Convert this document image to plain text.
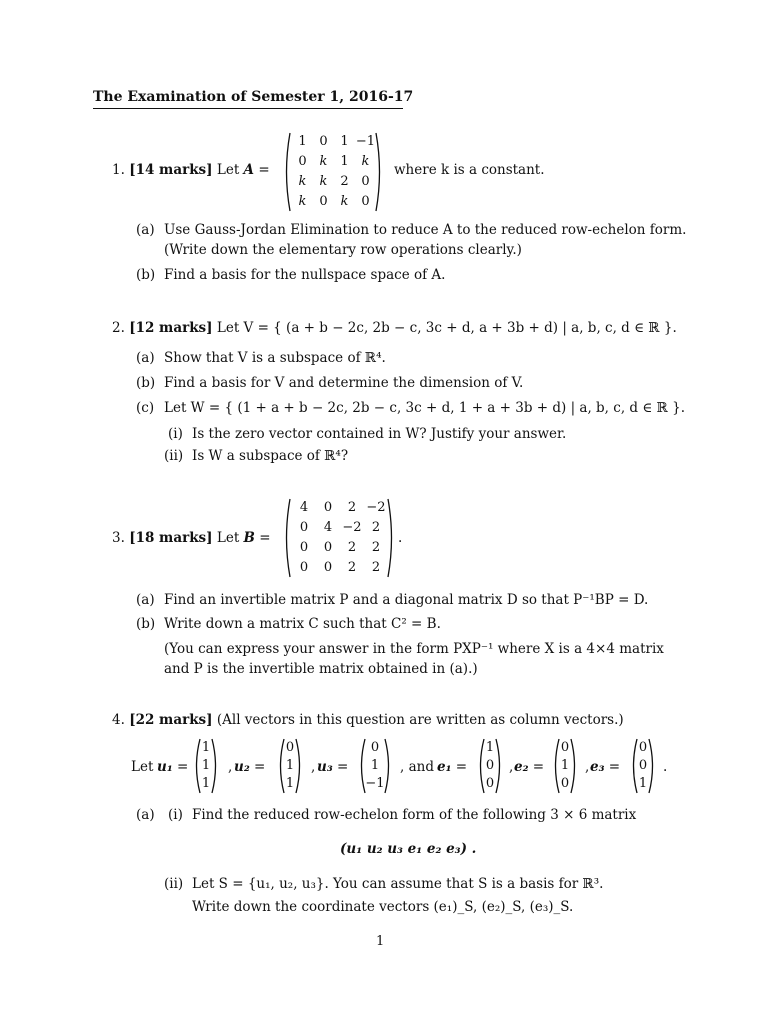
The Examination of Semester 1, 2016-17
1. [14 marks] Let A =
1 0 1 −1
0 k 1 k
k	k 2 0
k 0 k 0
where k is a constant.
(a) Use Gauss-Jordan Elimination to reduce A to the reduced row-echelon form.
(Write down the elementary row operations clearly.)
(b) Find a basis for the nullspace space of A.
2. [12 marks] Let V = { (a + b − 2c, 2b − c, 3c + d, a + 3b + d) | a, b, c, d ∈ ℝ }.
(a) Show that V is a subspace of ℝ⁴.
(b) Find a basis for V and determine the dimension of V.
(c) Let W = { (1 + a + b − 2c, 2b − c, 3c + d, 1 + a + 3b + d) | a, b, c, d ∈ ℝ }.
(i) Is the zero vector contained in W? Justify your answer.
(ii) Is W a subspace of ℝ⁴?
3. [18 marks] Let B =
4	0	2 −2
0	4 −2 2
0	0	2	2
0	0	2	2
.
(a) Find an invertible matrix P and a diagonal matrix D so that P⁻¹BP = D.
(b) Write down a matrix C such that C² = B.
(You can express your answer in the form PXP⁻¹ where X is a 4×4 matrix
and P is the invertible matrix obtained in (a).)
4. [22 marks] (All vectors in this question are written as column vectors.)
Let u₁ =
1
1
1
, u₂ =
0
1
1
, u₃ =
0
1
−1
, and e₁ =
1
0
0
, e₂ =
0
1
0
, e₃ =
0
0
1
.
(a) (i) Find the reduced row-echelon form of the following 3 × 6 matrix
(u₁ u₂ u₃ e₁ e₂ e₃) .
(ii) Let S = {u₁, u₂, u₃}. You can assume that S is a basis for ℝ³.
Write down the coordinate vectors (e₁)_S, (e₂)_S, (e₃)_S.
1
